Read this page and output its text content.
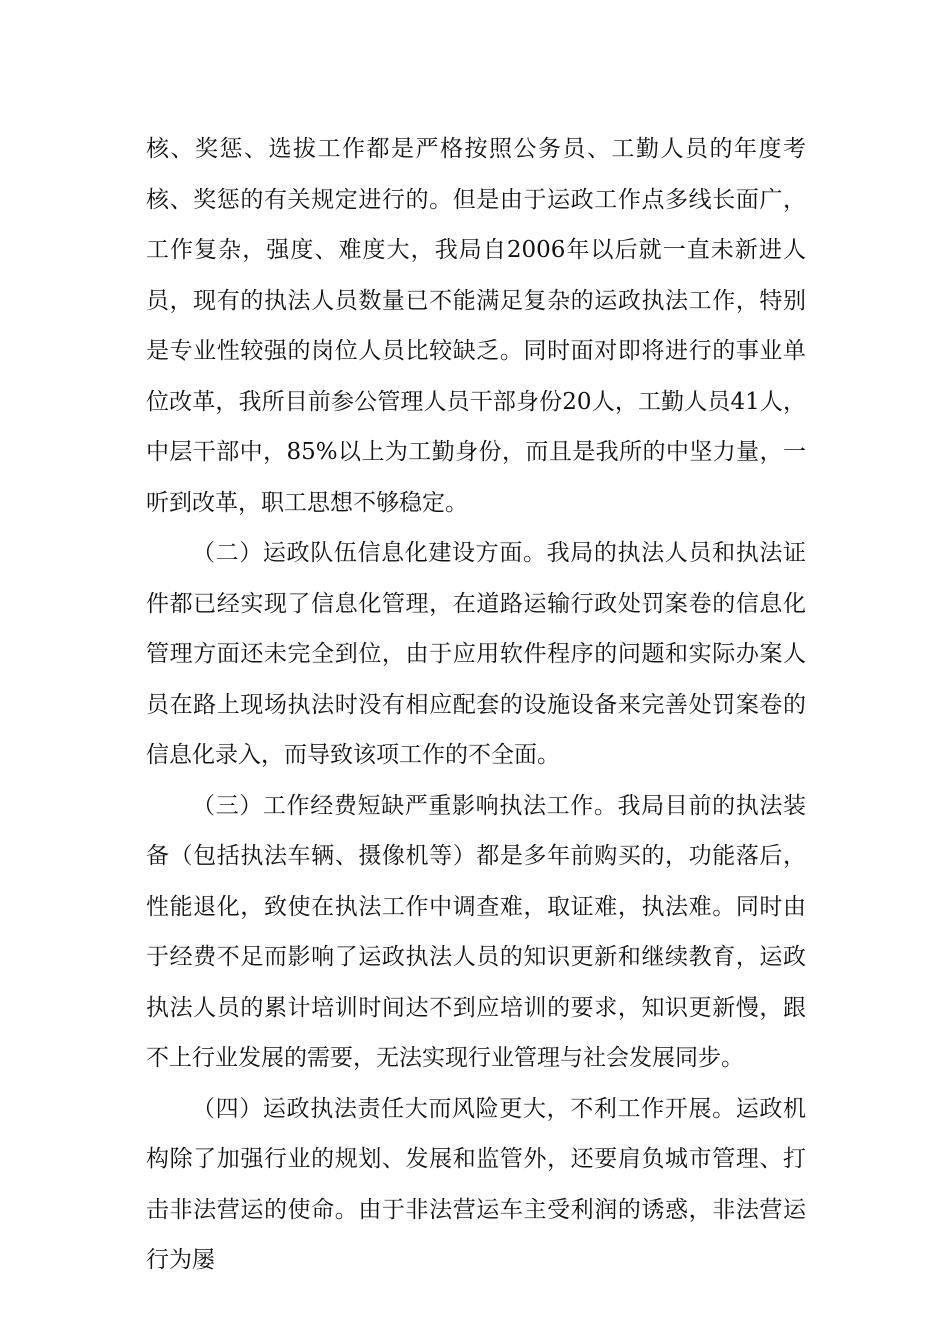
核、奖惩、选拔工作都是严格按照公务员、工勤人员的年度考核、奖惩的有关规定进行的。但是由于运政工作点多线长面广，工作复杂，强度、难度大，我局自2006年以后就一直未新进人员，现有的执法人员数量已不能满足复杂的运政执法工作，特别是专业性较强的岗位人员比较缺乏。同时面对即将进行的事业单位改革，我所目前参公管理人员干部身份20人，工勤人员41人，中层干部中，85%以上为工勤身份，而且是我所的中坚力量，一听到改革，职工思想不够稳定。

（二）运政队伍信息化建设方面。我局的执法人员和执法证件都已经实现了信息化管理，在道路运输行政处罚案卷的信息化管理方面还未完全到位，由于应用软件程序的问题和实际办案人员在路上现场执法时没有相应配套的设施设备来完善处罚案卷的信息化录入，而导致该项工作的不全面。

（三）工作经费短缺严重影响执法工作。我局目前的执法装备（包括执法车辆、摄像机等）都是多年前购买的，功能落后，性能退化，致使在执法工作中调查难，取证难，执法难。同时由于经费不足而影响了运政执法人员的知识更新和继续教育，运政执法人员的累计培训时间达不到应培训的要求，知识更新慢，跟不上行业发展的需要，无法实现行业管理与社会发展同步。

（四）运政执法责任大而风险更大，不利工作开展。运政机构除了加强行业的规划、发展和监管外，还要肩负城市管理、打击非法营运的使命。由于非法营运车主受利润的诱惑，非法营运行为屡
